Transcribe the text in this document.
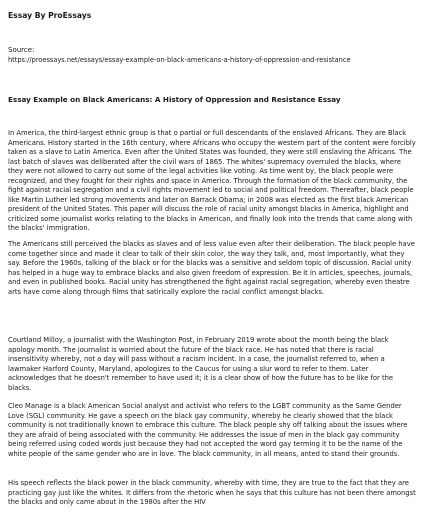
Essay By ProEssays
Source:
https://proessays.net/essays/essay-example-on-black-americans-a-history-of-oppression-and-resistance
Essay Example on Black Americans: A History of Oppression and Resistance Essay

In America, the third-largest ethnic group is that o partial or full descendants of the enslaved Africans. They are Black Americans. History started in the 16th century, where Africans who occupy the western part of the content were forcibly taken as a slave to Latin America. Even after the United States was founded, they were still enslaving the Africans. The last batch of slaves was deliberated after the civil wars of 1865. The whites' supremacy overruled the blacks, where they were not allowed to carry out some of the legal activities like voting. As time went by, the black people were recognized, and they fought for their rights and space in America. Through the formation of the black community, the fight against racial segregation and a civil rights movement led to social and political freedom. Thereafter, black people like Martin Luther led strong movements and later on Barrack Obama; in 2008 was elected as the first black American president of the United States. This paper will discuss the role of racial unity amongst blacks in America, highlight and criticized some journalist works relating to the blacks in American, and finally look into the trends that came along with the blacks' immigration.

The Americans still perceived the blacks as slaves and of less value even after their deliberation. The black people have come together since and made it clear to talk of their skin color, the way they talk, and, most importantly, what they say. Before the 1960s, talking of the black or for the blacks was a sensitive and seldom topic of discussion. Racial unity has helped in a huge way to embrace blacks and also given freedom of expression. Be it in articles, speeches, journals, and even in published books. Racial unity has strengthened the fight against racial segregation, whereby even theatre arts have come along through films that satirically explore the racial conflict amongst blacks.

Courtland Milloy, a journalist with the Washington Post, in February 2019 wrote about the month being the black apology month. The journalist is worried about the future of the black race. He has noted that there is racial insensitivity whereby, not a day will pass without a racism incident. In a case, the journalist referred to, when a lawmaker Harford County, Maryland, apologizes to the Caucus for using a slur word to refer to them. Later acknowledges that he doesn't remember to have used it; it is a clear show of how the future has to be like for the blacks.

Cleo Manage is a black American Social analyst and activist who refers to the LGBT community as the Same Gender Love (SGL) community. He gave a speech on the black gay community, whereby he clearly showed that the black community is not traditionally known to embrace this culture. The black people shy off talking about the issues where they are afraid of being associated with the community. He addresses the issue of men in the black gay community being referred using coded words just because they had not accepted the word gay terming it to be the name of the white people of the same gender who are in love. The black community, in all means, anted to stand their grounds.

His speech reflects the black power in the black community, whereby with time, they are true to the fact that they are practicing gay just like the whites. It differs from the rhetoric when he says that this culture has not been there amongst the blacks and only came about in the 1980s after the HIV
